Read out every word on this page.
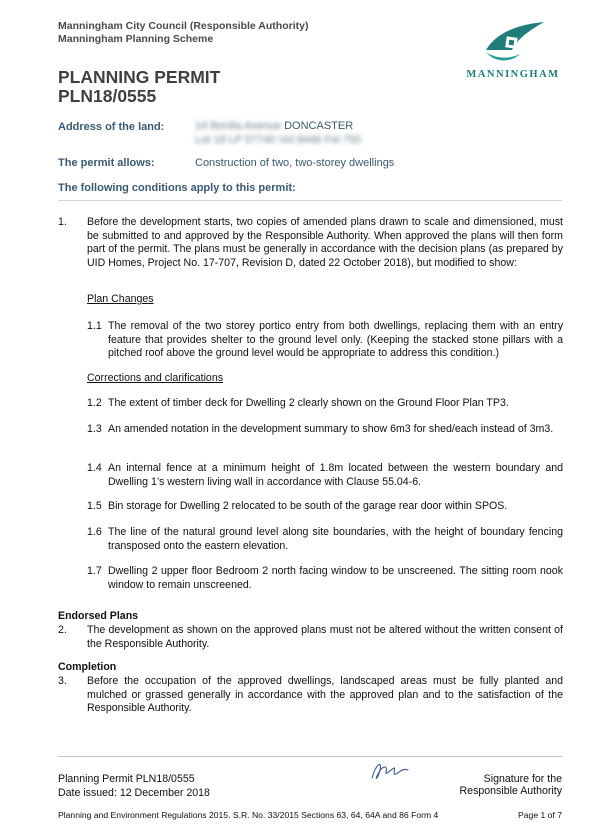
Manningham City Council (Responsible Authority)
Manningham Planning Scheme
MANNINGHAM
PLANNING PERMIT
PLN18/0555
Address of the land:	14 Bonita Avenue DONCASTER
Lot 18 LP 57740 Vol 8446 Fol 750
The permit allows:	Construction of two, two-storey dwellings
The following conditions apply to this permit:
1. Before the development starts, two copies of amended plans drawn to scale and dimensioned, must be submitted to and approved by the Responsible Authority. When approved the plans will then form part of the permit. The plans must be generally in accordance with the decision plans (as prepared by UID Homes, Project No. 17-707, Revision D, dated 22 October 2018), but modified to show:
Plan Changes
1.1 The removal of the two storey portico entry from both dwellings, replacing them with an entry feature that provides shelter to the ground level only. (Keeping the stacked stone pillars with a pitched roof above the ground level would be appropriate to address this condition.)
Corrections and clarifications
1.2 The extent of timber deck for Dwelling 2 clearly shown on the Ground Floor Plan TP3.
1.3 An amended notation in the development summary to show 6m3 for shed/each instead of 3m3.
1.4 An internal fence at a minimum height of 1.8m located between the western boundary and Dwelling 1’s western living wall in accordance with Clause 55.04-6.
1.5 Bin storage for Dwelling 2 relocated to be south of the garage rear door within SPOS.
1.6 The line of the natural ground level along site boundaries, with the height of boundary fencing transposed onto the eastern elevation.
1.7 Dwelling 2 upper floor Bedroom 2 north facing window to be unscreened. The sitting room nook window to remain unscreened.
Endorsed Plans
2. The development as shown on the approved plans must not be altered without the written consent of the Responsible Authority.
Completion
3. Before the occupation of the approved dwellings, landscaped areas must be fully planted and mulched or grassed generally in accordance with the approved plan and to the satisfaction of the Responsible Authority.
Planning Permit PLN18/0555
Date issued: 12 December 2018
Signature for the
Responsible Authority
Planning and Environment Regulations 2015. S.R. No. 33/2015 Sections 63, 64, 64A and 86 Form 4	Page 1 of 7
